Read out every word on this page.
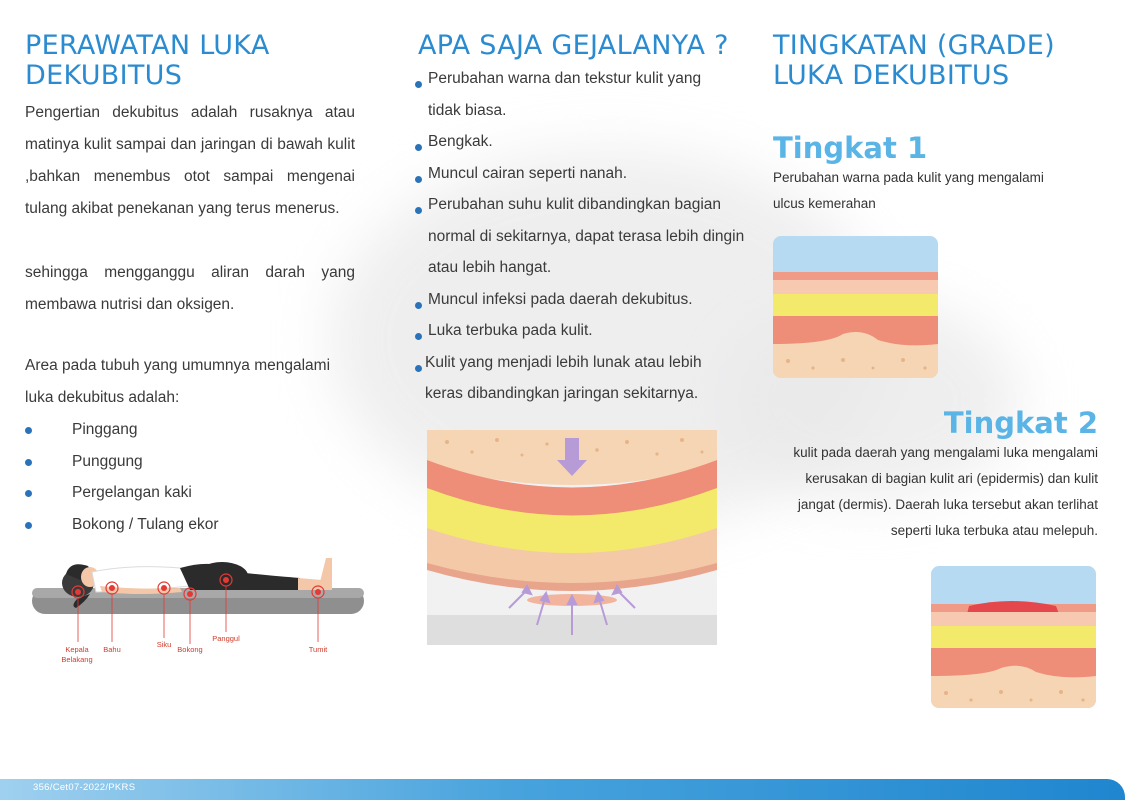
PERAWATAN LUKA
DEKUBITUS

Pengertian dekubitus adalah rusaknya atau matinya kulit sampai dan jaringan di bawah kulit ,bahkan menembus otot sampai mengenai tulang akibat penekanan yang terus menerus.

sehingga mengganggu aliran darah yang membawa nutrisi dan oksigen.

Area pada tubuh yang umumnya mengalami luka dekubitus adalah:

Pinggang
Punggung
Pergelangan kaki
Bokong / Tulang ekor
Kepala Belakang
Bahu
Siku
Bokong
Panggul
Tumit
APA SAJA GEJALANYA ?
Perubahan warna dan tekstur kulit yang tidak biasa.
Bengkak.
Muncul cairan seperti nanah.
Perubahan suhu kulit dibandingkan bagian normal di sekitarnya, dapat terasa lebih dingin atau lebih hangat.
Muncul infeksi pada daerah dekubitus.
Luka terbuka pada kulit.
Kulit yang menjadi lebih lunak atau lebih keras dibandingkan jaringan sekitarnya.
TINGKATAN (GRADE)
LUKA DEKUBITUS
Tingkat 1
Perubahan warna pada kulit yang mengalami ulcus kemerahan
Tingkat 2
kulit pada daerah yang mengalami luka mengalami kerusakan di bagian kulit ari (epidermis) dan kulit jangat (dermis). Daerah luka tersebut akan terlihat seperti luka terbuka atau melepuh.
356/Cet07-2022/PKRS
